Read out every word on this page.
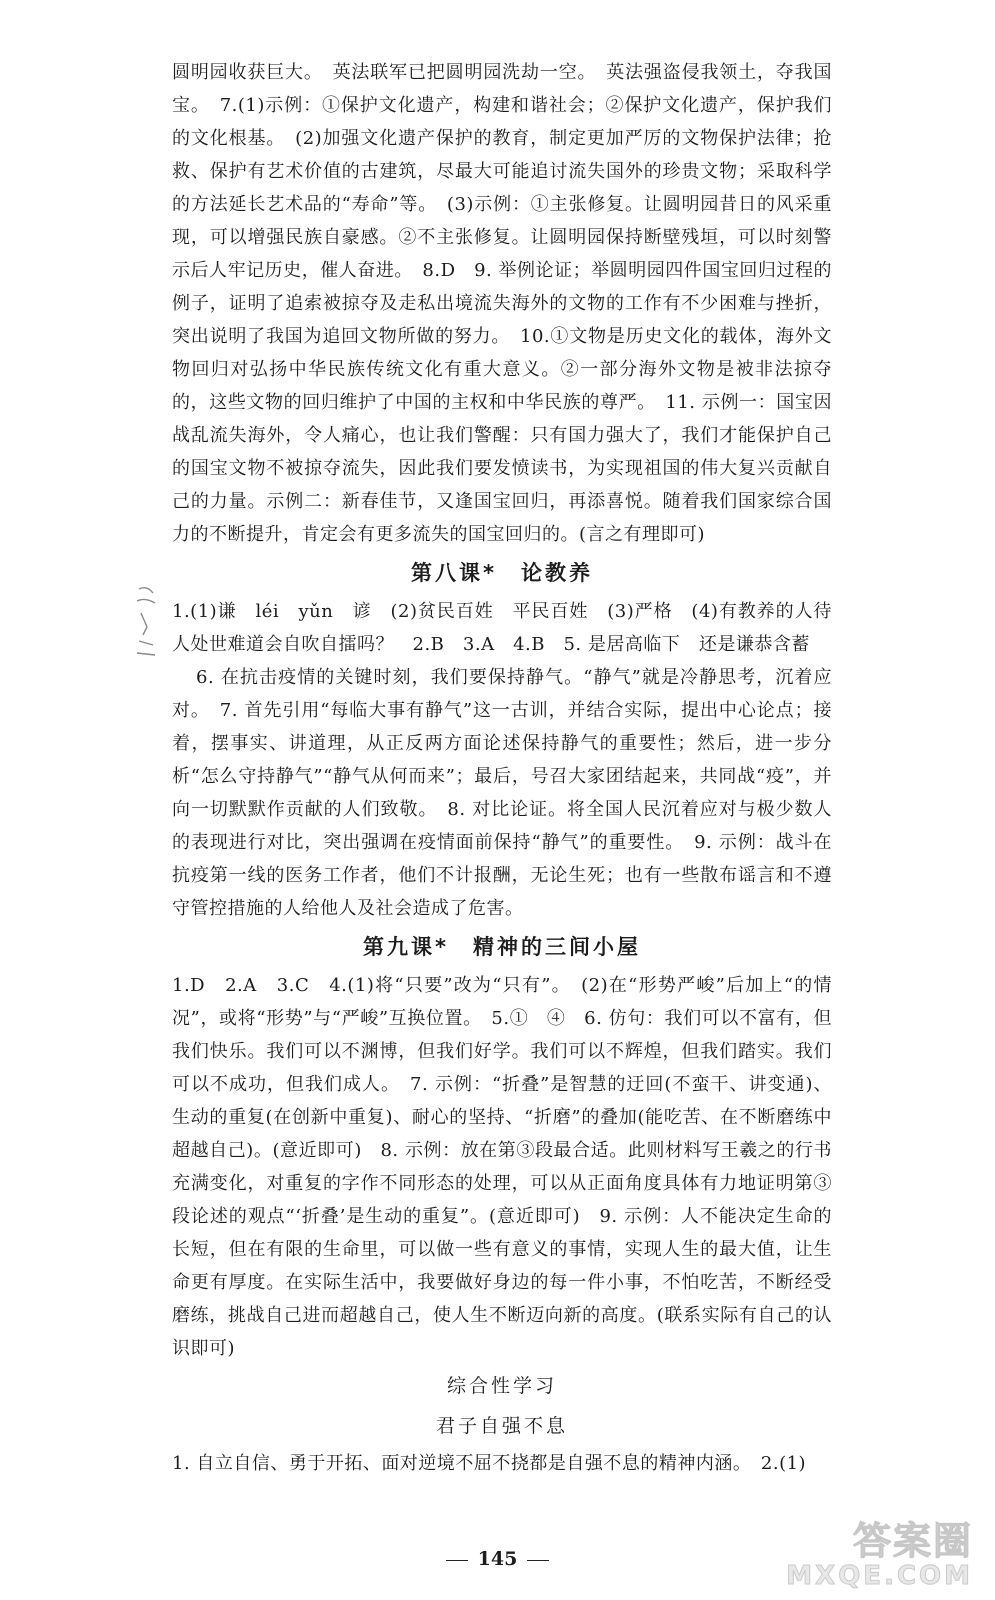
圆明园收获巨大。　英法联军已把圆明园洗劫一空。　英法强盗侵我领土，夺我国宝。　7.(1)示例：①保护文化遗产，构建和谐社会；②保护文化遗产，保护我们的文化根基。　(2)加强文化遗产保护的教育，制定更加严厉的文物保护法律；抢救、保护有艺术价值的古建筑，尽最大可能追讨流失国外的珍贵文物；采取科学的方法延长艺术品的“寿命”等。　(3)示例：①主张修复。让圆明园昔日的风采重现，可以增强民族自豪感。②不主张修复。让圆明园保持断壁残垣，可以时刻警示后人牢记历史，催人奋进。　8.D　9. 举例论证；举圆明园四件国宝回归过程的例子，证明了追索被掠夺及走私出境流失海外的文物的工作有不少困难与挫折，突出说明了我国为追回文物所做的努力。　10.①文物是历史文化的载体，海外文物回归对弘扬中华民族传统文化有重大意义。②一部分海外文物是被非法掠夺的，这些文物的回归维护了中国的主权和中华民族的尊严。　11. 示例一：国宝因战乱流失海外，令人痛心，也让我们警醒：只有国力强大了，我们才能保护自己的国宝文物不被掠夺流失，因此我们要发愤读书，为实现祖国的伟大复兴贡献自己的力量。示例二：新春佳节，又逢国宝回归，再添喜悦。随着我们国家综合国力的不断提升，肯定会有更多流失的国宝回归的。(言之有理即可)

第八课* 论教养

1.(1)谦　léi　yǔn　谚　(2)贫民百姓　平民百姓　(3)严格　(4)有教养的人待人处世难道会自吹自擂吗？　2.B　3.A　4.B　5. 是居高临下　还是谦恭含蓄

6. 在抗击疫情的关键时刻，我们要保持静气。“静气”就是冷静思考，沉着应对。　7. 首先引用“每临大事有静气”这一古训，并结合实际，提出中心论点；接着，摆事实、讲道理，从正反两方面论述保持静气的重要性；然后，进一步分析“怎么守持静气”“静气从何而来”；最后，号召大家团结起来，共同战“疫”，并向一切默默作贡献的人们致敬。　8. 对比论证。将全国人民沉着应对与极少数人的表现进行对比，突出强调在疫情面前保持“静气”的重要性。　9. 示例：战斗在抗疫第一线的医务工作者，他们不计报酬，无论生死；也有一些散布谣言和不遵守管控措施的人给他人及社会造成了危害。

第九课* 精神的三间小屋

1.D　2.A　3.C　4.(1)将“只要”改为“只有”。　(2)在“形势严峻”后加上“的情况”，或将“形势”与“严峻”互换位置。　5.①　④　6. 仿句：我们可以不富有，但我们快乐。我们可以不渊博，但我们好学。我们可以不辉煌，但我们踏实。我们可以不成功，但我们成人。　7. 示例：“折叠”是智慧的迂回(不蛮干、讲变通)、生动的重复(在创新中重复)、耐心的坚持、“折磨”的叠加(能吃苦、在不断磨练中超越自己)。(意近即可)　8. 示例：放在第③段最合适。此则材料写王羲之的行书充满变化，对重复的字作不同形态的处理，可以从正面角度具体有力地证明第③段论述的观点“‘折叠’是生动的重复”。(意近即可)　9. 示例：人不能决定生命的长短，但在有限的生命里，可以做一些有意义的事情，实现人生的最大值，让生命更有厚度。在实际生活中，我要做好身边的每一件小事，不怕吃苦，不断经受磨练，挑战自己进而超越自己，使人生不断迈向新的高度。(联系实际有自己的认识即可)

综合性学习
君子自强不息

1. 自立自信、勇于开拓、面对逆境不屈不挠都是自强不息的精神内涵。　2.(1)

145	答案圈
MXQE.COM
